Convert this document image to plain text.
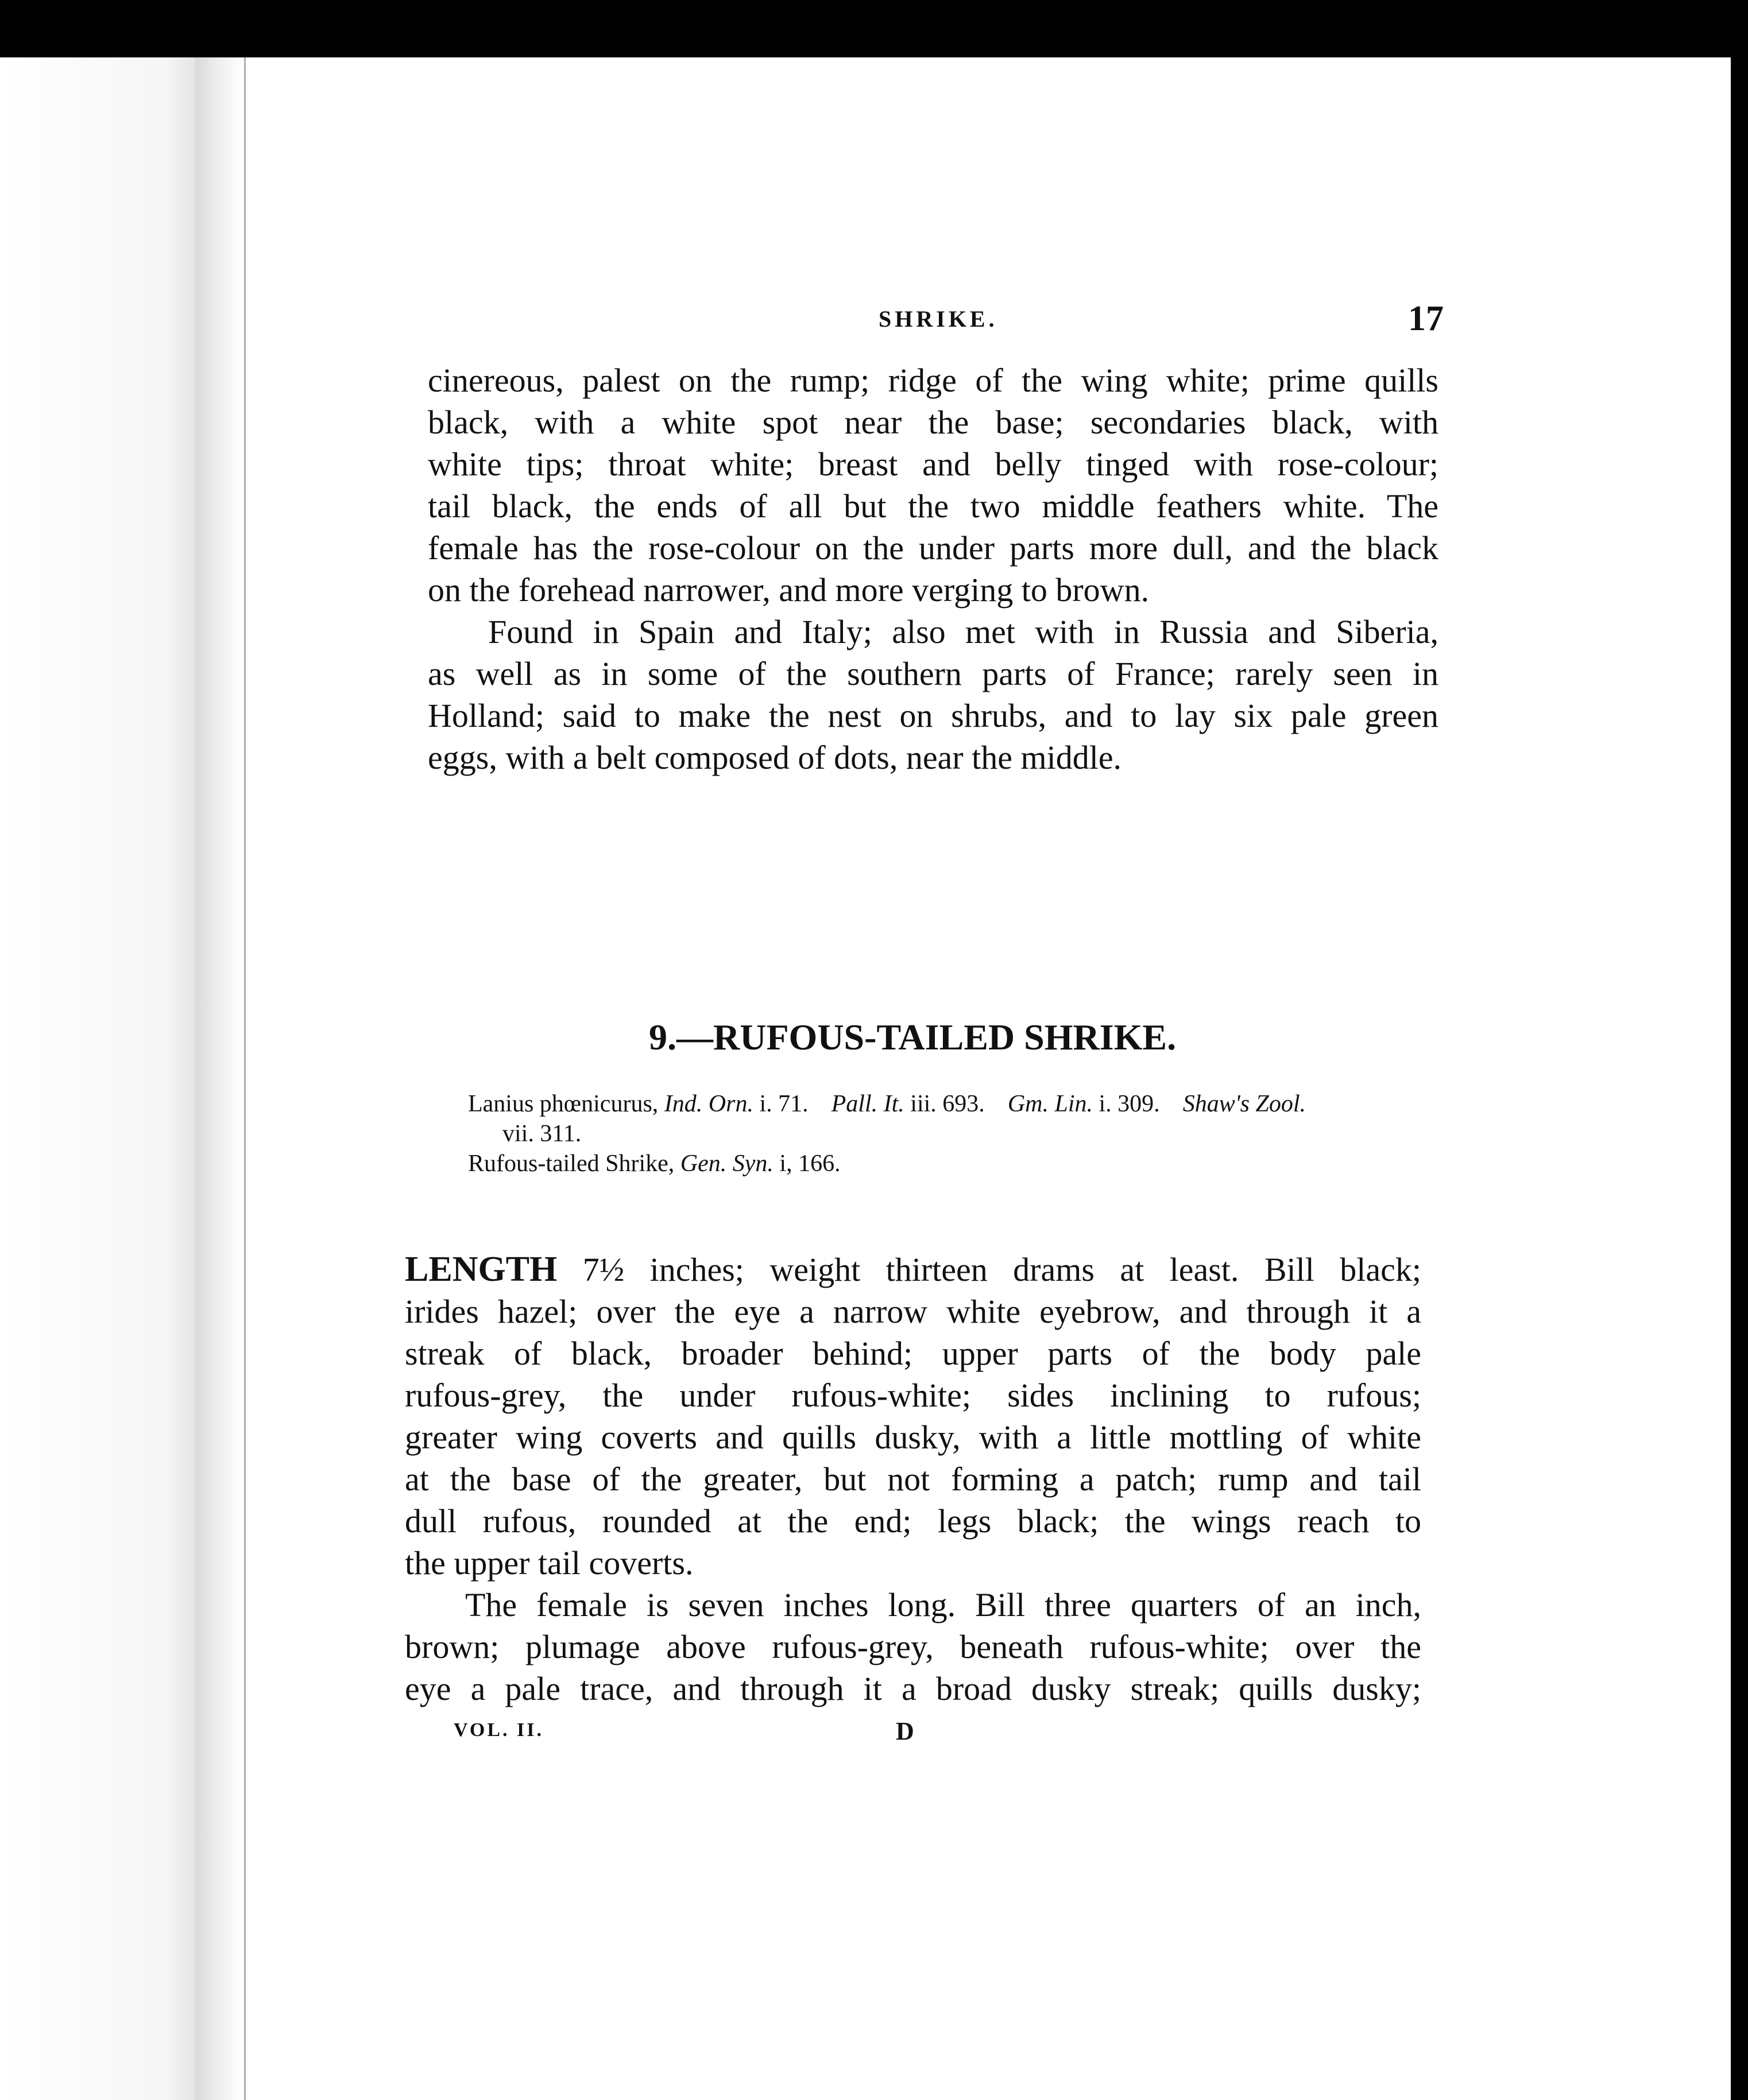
SHRIKE.	17
cinereous, palest on the rump; ridge of the wing white; prime quills
black, with a white spot near the base; secondaries black, with
white tips; throat white; breast and belly tinged with rose-colour;
tail black, the ends of all but the two middle feathers white. The
female has the rose-colour on the under parts more dull, and the black
on the forehead narrower, and more verging to brown.
Found in Spain and Italy; also met with in Russia and Siberia,
as well as in some of the southern parts of France; rarely seen in
Holland; said to make the nest on shrubs, and to lay six pale green
eggs, with a belt composed of dots, near the middle.
9.—RUFOUS-TAILED SHRIKE.
Lanius phœnicurus, Ind. Orn. i. 71. Pall. It. iii. 693. Gm. Lin. i. 309. Shaw's Zool.
vii. 311.
Rufous-tailed Shrike, Gen. Syn. i, 166.
LENGTH 7½ inches; weight thirteen drams at least. Bill black;
irides hazel; over the eye a narrow white eyebrow, and through it a
streak of black, broader behind; upper parts of the body pale
rufous-grey, the under rufous-white; sides inclining to rufous;
greater wing coverts and quills dusky, with a little mottling of white
at the base of the greater, but not forming a patch; rump and tail
dull rufous, rounded at the end; legs black; the wings reach to
the upper tail coverts.
The female is seven inches long. Bill three quarters of an inch,
brown; plumage above rufous-grey, beneath rufous-white; over the
eye a pale trace, and through it a broad dusky streak; quills dusky;
VOL. II.	D
